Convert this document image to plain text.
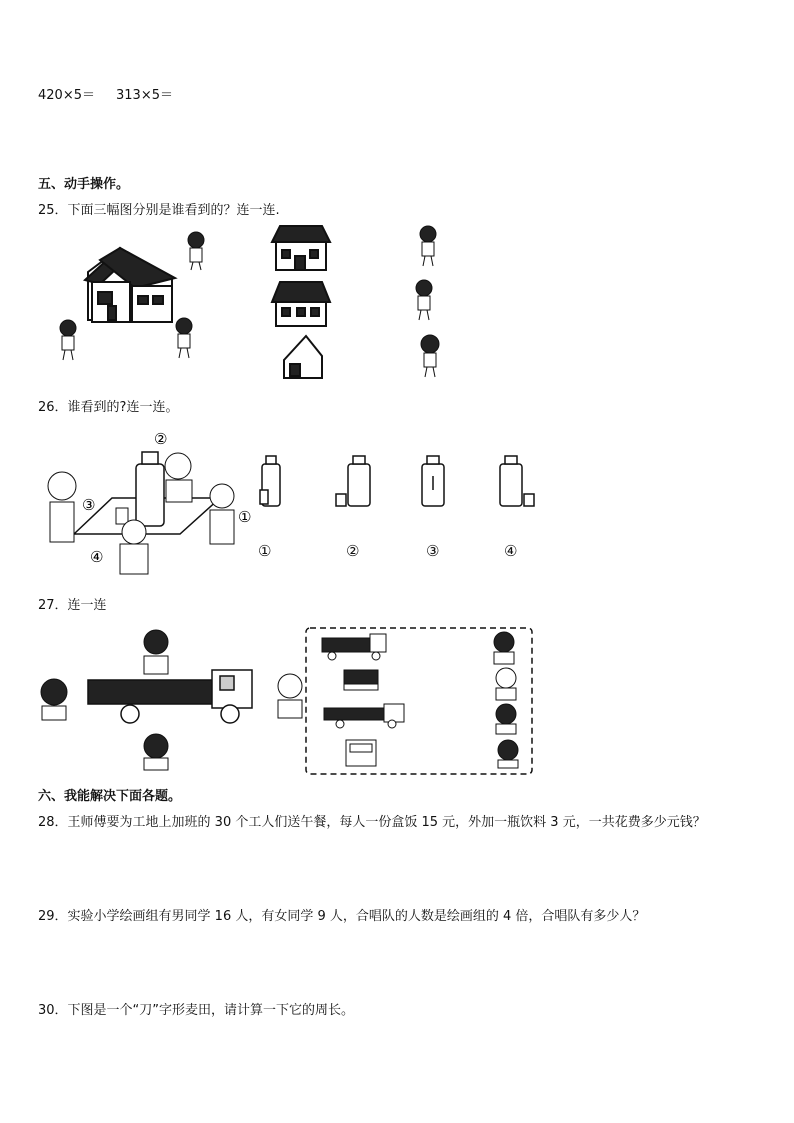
420×5＝ 313×5＝
五、动手操作。
25．下面三幅图分别是谁看到的？连一连.
26．谁看到的?连一连。
②
③
①
④	①	②	③	④
27．连一连
六、我能解决下面各题。
28．王师傅要为工地上加班的 30 个工人们送午餐，每人一份盒饭 15 元，外加一瓶饮料 3 元，一共花费多少元钱？
29．实验小学绘画组有男同学 16 人，有女同学 9 人，合唱队的人数是绘画组的 4 倍，合唱队有多少人？
30．下图是一个“刀”字形麦田，请计算一下它的周长。
